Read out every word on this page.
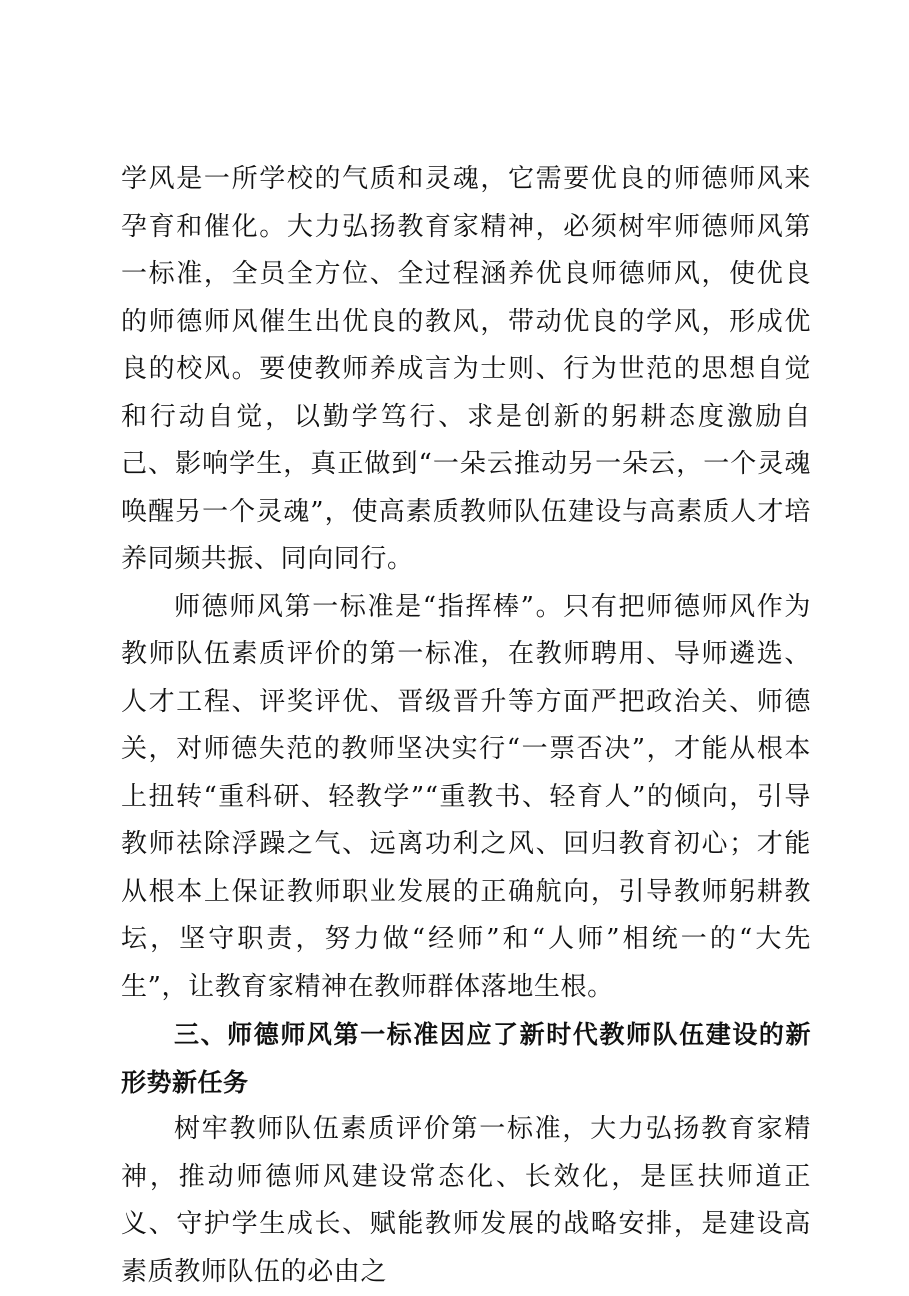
学风是一所学校的气质和灵魂，它需要优良的师德师风来孕育和催化。大力弘扬教育家精神，必须树牢师德师风第一标准，全员全方位、全过程涵养优良师德师风，使优良的师德师风催生出优良的教风，带动优良的学风，形成优良的校风。要使教师养成言为士则、行为世范的思想自觉和行动自觉，以勤学笃行、求是创新的躬耕态度激励自己、影响学生，真正做到“一朵云推动另一朵云，一个灵魂唤醒另一个灵魂”，使高素质教师队伍建设与高素质人才培养同频共振、同向同行。

师德师风第一标准是“指挥棒”。只有把师德师风作为教师队伍素质评价的第一标准，在教师聘用、导师遴选、人才工程、评奖评优、晋级晋升等方面严把政治关、师德关，对师德失范的教师坚决实行“一票否决”，才能从根本上扭转“重科研、轻教学”“重教书、轻育人”的倾向，引导教师祛除浮躁之气、远离功利之风、回归教育初心；才能从根本上保证教师职业发展的正确航向，引导教师躬耕教坛，坚守职责，努力做“经师”和“人师”相统一的“大先生”，让教育家精神在教师群体落地生根。

三、师德师风第一标准因应了新时代教师队伍建设的新形势新任务

树牢教师队伍素质评价第一标准，大力弘扬教育家精神，推动师德师风建设常态化、长效化，是匡扶师道正义、守护学生成长、赋能教师发展的战略安排，是建设高素质教师队伍的必由之
